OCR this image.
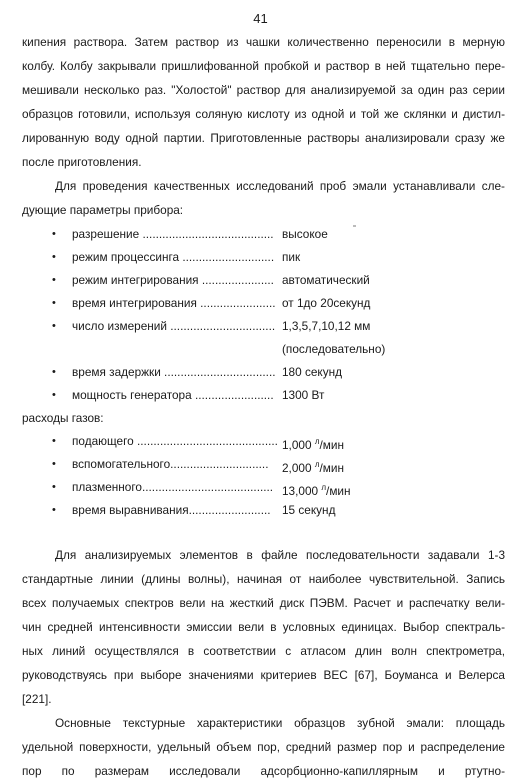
41
кипения раствора. Затем раствор из чашки количественно переносили в мерную
колбу. Колбу закрывали пришлифованной пробкой и раствор в ней тщательно пере-
мешивали несколько раз. "Холостой" раствор для анализируемой за один раз серии
образцов готовили, используя соляную кислоту из одной и той же склянки и дистил-
лированную воду одной партии. Приготовленные растворы анализировали сразу же
после приготовления.
Для проведения качественных исследований проб эмали устанавливали сле-
дующие параметры прибора:
• разрешение ........................................ высокое
• режим процессинга ............................ пик
• режим интегрирования ...................... автоматический
• время интегрирования ....................... от 1до 20секунд
• число измерений ................................ 1,3,5,7,10,12 мм
(последовательно)
• время задержки .................................. 180 секунд
• мощность генератора ........................ 1300 Вт
расходы газов:
• подающего ........................................... 1,000 $^л$/мин
• вспомогательного.............................. 2,000 $^л$/мин
• плазменного........................................ 13,000 $^л$/мин
• время выравнивания......................... 15 секунд
Для анализируемых элементов в файле последовательности задавали 1-3
стандартные линии (длины волны), начиная от наиболее чувствительной. Запись
всех получаемых спектров вели на жесткий диск ПЭВМ. Расчет и распечатку вели-
чин средней интенсивности эмиссии вели в условных единицах. Выбор спектраль-
ных линий осуществлялся в соответствии с атласом длин волн спектрометра,
руководствуясь при выборе значениями критериев ВЕС [67], Боуманса и Велерса
[221].
Основные текстурные характеристики образцов зубной эмали: площадь
удельной поверхности, удельный объем пор, средний размер пор и распределение
пор по размерам исследовали адсорбционно-капиллярным и ртутно-
